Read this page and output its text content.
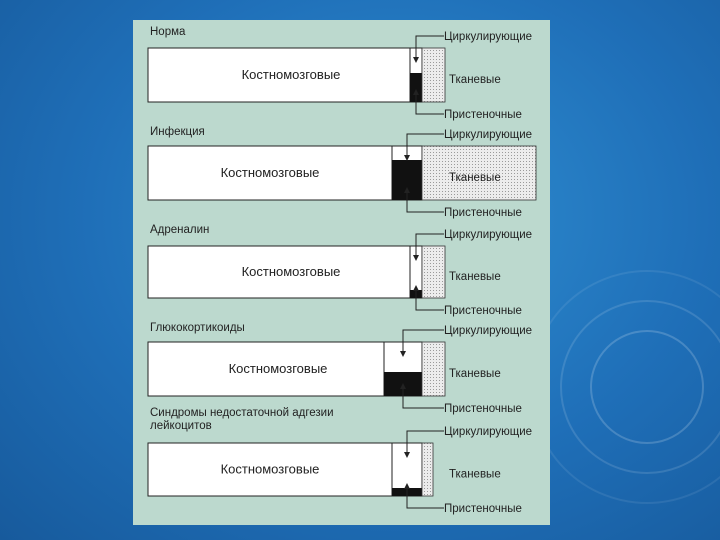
Норма
Костномозговые
Циркулирующие
Тканевые
Пристеночные
Инфекция
Костномозговые
Циркулирующие
Тканевые
Пристеночные
Адреналин
Костномозговые
Циркулирующие
Тканевые
Пристеночные
Глюкокортикоиды
Костномозговые
Циркулирующие
Тканевые
Пристеночные
Синдромы недостаточной адгезии
лейкоцитов
Костномозговые
Циркулирующие
Тканевые
Пристеночные
